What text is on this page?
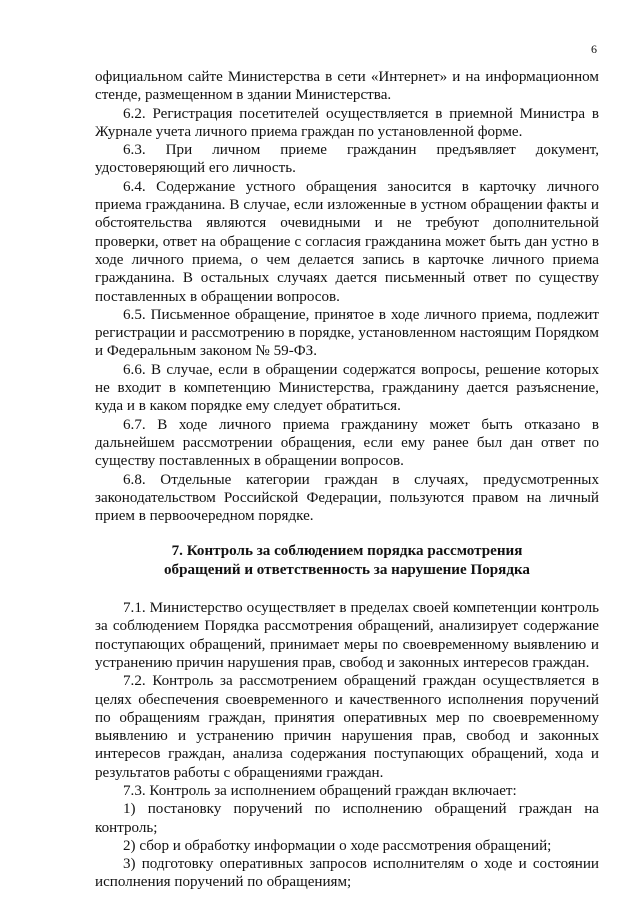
6

официальном сайте Министерства в сети «Интернет» и на информационном стенде, размещенном в здании Министерства.

6.2. Регистрация посетителей осуществляется в приемной Министра в Журнале учета личного приема граждан по установленной форме.

6.3. При личном приеме гражданин предъявляет документ, удостоверяющий его личность.

6.4. Содержание устного обращения заносится в карточку личного приема гражданина. В случае, если изложенные в устном обращении факты и обстоятельства являются очевидными и не требуют дополнительной проверки, ответ на обращение с согласия гражданина может быть дан устно в ходе личного приема, о чем делается запись в карточке личного приема гражданина. В остальных случаях дается письменный ответ по существу поставленных в обращении вопросов.

6.5. Письменное обращение, принятое в ходе личного приема, подлежит регистрации и рассмотрению в порядке, установленном настоящим Порядком и Федеральным законом № 59-ФЗ.

6.6. В случае, если в обращении содержатся вопросы, решение которых не входит в компетенцию Министерства, гражданину дается разъяснение, куда и в каком порядке ему следует обратиться.

6.7. В ходе личного приема гражданину может быть отказано в дальнейшем рассмотрении обращения, если ему ранее был дан ответ по существу поставленных в обращении вопросов.

6.8. Отдельные категории граждан в случаях, предусмотренных законодательством Российской Федерации, пользуются правом на личный прием в первоочередном порядке.

7. Контроль за соблюдением порядка рассмотрения
обращений и ответственность за нарушение Порядка

7.1. Министерство осуществляет в пределах своей компетенции контроль за соблюдением Порядка рассмотрения обращений, анализирует содержание поступающих обращений, принимает меры по своевременному выявлению и устранению причин нарушения прав, свобод и законных интересов граждан.

7.2. Контроль за рассмотрением обращений граждан осуществляется в целях обеспечения своевременного и качественного исполнения поручений по обращениям граждан, принятия оперативных мер по своевременному выявлению и устранению причин нарушения прав, свобод и законных интересов граждан, анализа содержания поступающих обращений, хода и результатов работы с обращениями граждан.

7.3. Контроль за исполнением обращений граждан включает:

1) постановку поручений по исполнению обращений граждан на контроль;

2) сбор и обработку информации о ходе рассмотрения обращений;

3) подготовку оперативных запросов исполнителям о ходе и состоянии исполнения поручений по обращениям;
